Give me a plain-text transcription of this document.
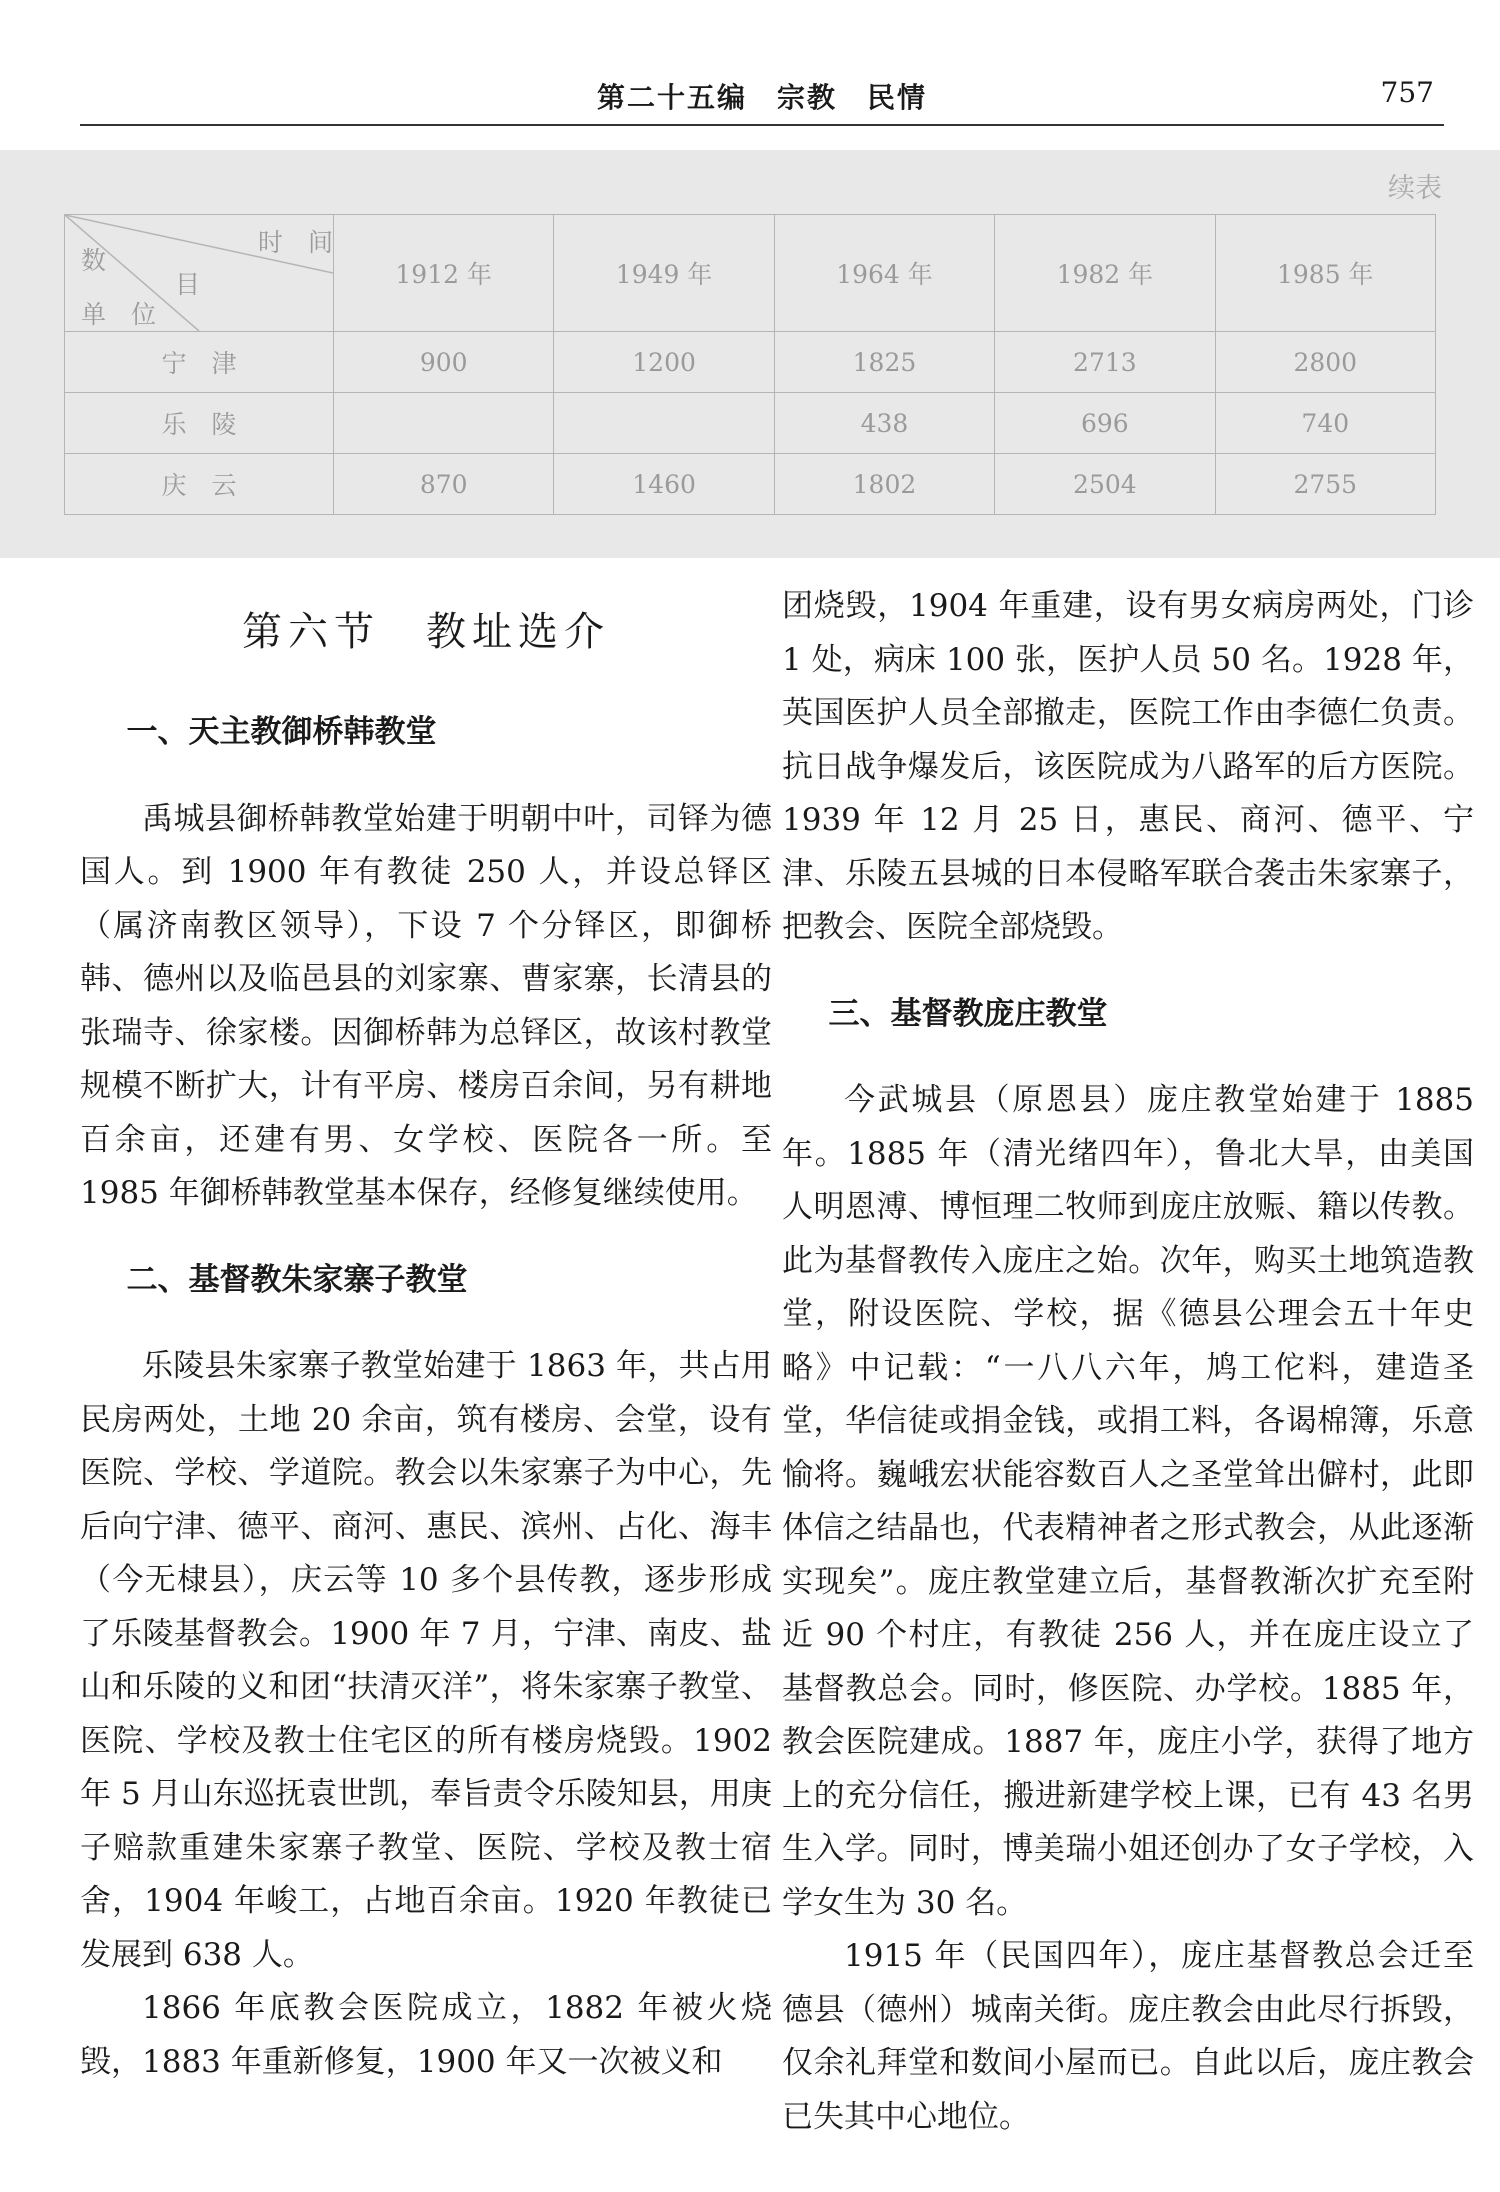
第二十五编　宗教　民情	757
续表
时　间
数
目
单　位	1912 年	1949 年	1964 年	1982 年	1985 年
宁　津	900	1200	1825	2713	2800
乐　陵			438	696	740
庆　云	870	1460	1802	2504	2755
第六节　教址选介
一、天主教御桥韩教堂

禹城县御桥韩教堂始建于明朝中叶，司铎为德国人。到 1900 年有教徒 250 人，并设总铎区（属济南教区领导），下设 7 个分铎区，即御桥韩、德州以及临邑县的刘家寨、曹家寨，长清县的张瑞寺、徐家楼。因御桥韩为总铎区，故该村教堂规模不断扩大，计有平房、楼房百余间，另有耕地百余亩，还建有男、女学校、医院各一所。至 1985 年御桥韩教堂基本保存，经修复继续使用。

二、基督教朱家寨子教堂

乐陵县朱家寨子教堂始建于 1863 年，共占用民房两处，土地 20 余亩，筑有楼房、会堂，设有医院、学校、学道院。教会以朱家寨子为中心，先后向宁津、德平、商河、惠民、滨州、占化、海丰（今无棣县），庆云等 10 多个县传教，逐步形成了乐陵基督教会。1900 年 7 月，宁津、南皮、盐山和乐陵的义和团“扶清灭洋”，将朱家寨子教堂、医院、学校及教士住宅区的所有楼房烧毁。1902 年 5 月山东巡抚袁世凯，奉旨责令乐陵知县，用庚子赔款重建朱家寨子教堂、医院、学校及教士宿舍，1904 年峻工，占地百余亩。1920 年教徒已发展到 638 人。

1866 年底教会医院成立，1882 年被火烧毁，1883 年重新修复，1900 年又一次被义和

团烧毁，1904 年重建，设有男女病房两处，门诊 1 处，病床 100 张，医护人员 50 名。1928 年，英国医护人员全部撤走，医院工作由李德仁负责。抗日战争爆发后，该医院成为八路军的后方医院。1939 年 12 月 25 日，惠民、商河、德平、宁津、乐陵五县城的日本侵略军联合袭击朱家寨子，把教会、医院全部烧毁。

三、基督教庞庄教堂

今武城县（原恩县）庞庄教堂始建于 1885 年。1885 年（清光绪四年），鲁北大旱，由美国人明恩溥、博恒理二牧师到庞庄放赈、籍以传教。此为基督教传入庞庄之始。次年，购买土地筑造教堂，附设医院、学校，据《德县公理会五十年史略》中记载：“一八八六年，鸠工佗料，建造圣堂，华信徒或捐金钱，或捐工料，各谒棉簿，乐意愉将。巍峨宏状能容数百人之圣堂耸出僻村，此即体信之结晶也，代表精神者之形式教会，从此逐渐实现矣”。庞庄教堂建立后，基督教渐次扩充至附近 90 个村庄，有教徒 256 人，并在庞庄设立了基督教总会。同时，修医院、办学校。1885 年，教会医院建成。1887 年，庞庄小学，获得了地方上的充分信任，搬进新建学校上课，已有 43 名男生入学。同时，博美瑞小姐还创办了女子学校，入学女生为 30 名。

1915 年（民国四年），庞庄基督教总会迁至德县（德州）城南关街。庞庄教会由此尽行拆毁，仅余礼拜堂和数间小屋而已。自此以后，庞庄教会已失其中心地位。
